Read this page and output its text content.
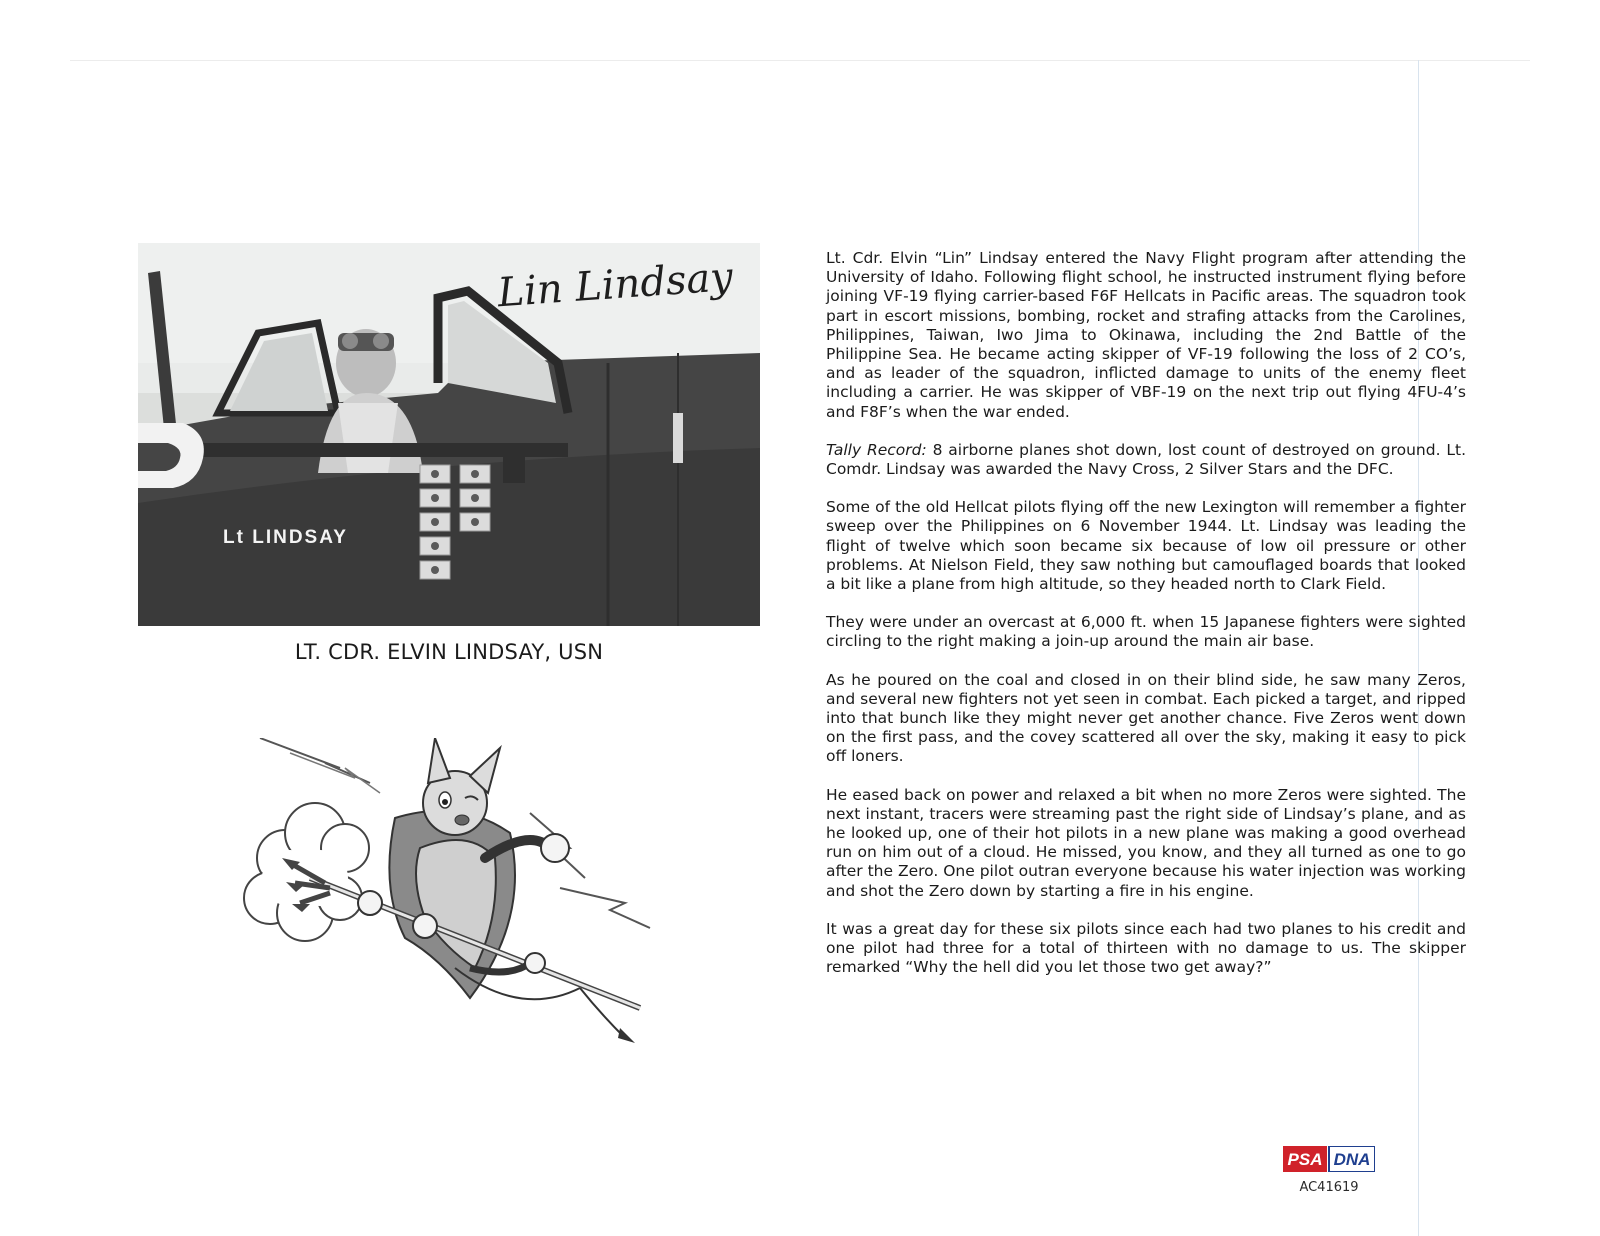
Lt LINDSAY
Lin Lindsay
LT. CDR. ELVIN LINDSAY, USN

Lt. Cdr. Elvin “Lin” Lindsay entered the Navy Flight program after attending the University of Idaho. Following flight school, he instructed instrument flying before joining VF-19 flying carrier-based F6F Hellcats in Pacific areas. The squadron took part in escort missions, bombing, rocket and strafing attacks from the Carolines, Philippines, Taiwan, Iwo Jima to Okinawa, including the 2nd Battle of the Philippine Sea. He became acting skipper of VF-19 following the loss of 2 CO’s, and as leader of the squadron, inflicted damage to units of the enemy fleet including a carrier. He was skipper of VBF-19 on the next trip out flying 4FU-4’s and F8F’s when the war ended.

Tally Record: 8 airborne planes shot down, lost count of destroyed on ground. Lt. Comdr. Lindsay was awarded the Navy Cross, 2 Silver Stars and the DFC.

Some of the old Hellcat pilots flying off the new Lexington will remember a fighter sweep over the Philippines on 6 November 1944. Lt. Lindsay was leading the flight of twelve which soon became six because of low oil pressure or other problems. At Nielson Field, they saw nothing but camouflaged boards that looked a bit like a plane from high altitude, so they headed north to Clark Field.

They were under an overcast at 6,000 ft. when 15 Japanese fighters were sighted circling to the right making a join-up around the main air base.

As he poured on the coal and closed in on their blind side, he saw many Zeros, and several new fighters not yet seen in combat. Each picked a target, and ripped into that bunch like they might never get another chance. Five Zeros went down on the first pass, and the covey scattered all over the sky, making it easy to pick off loners.

He eased back on power and relaxed a bit when no more Zeros were sighted. The next instant, tracers were streaming past the right side of Lindsay’s plane, and as he looked up, one of their hot pilots in a new plane was making a good overhead run on him out of a cloud. He missed, you know, and they all turned as one to go after the Zero. One pilot outran everyone because his water injection was working and shot the Zero down by starting a fire in his engine.

It was a great day for these six pilots since each had two planes to his credit and one pilot had three for a total of thirteen with no damage to us. The skipper remarked “Why the hell did you let those two get away?”

PSA DNA
AC41619
